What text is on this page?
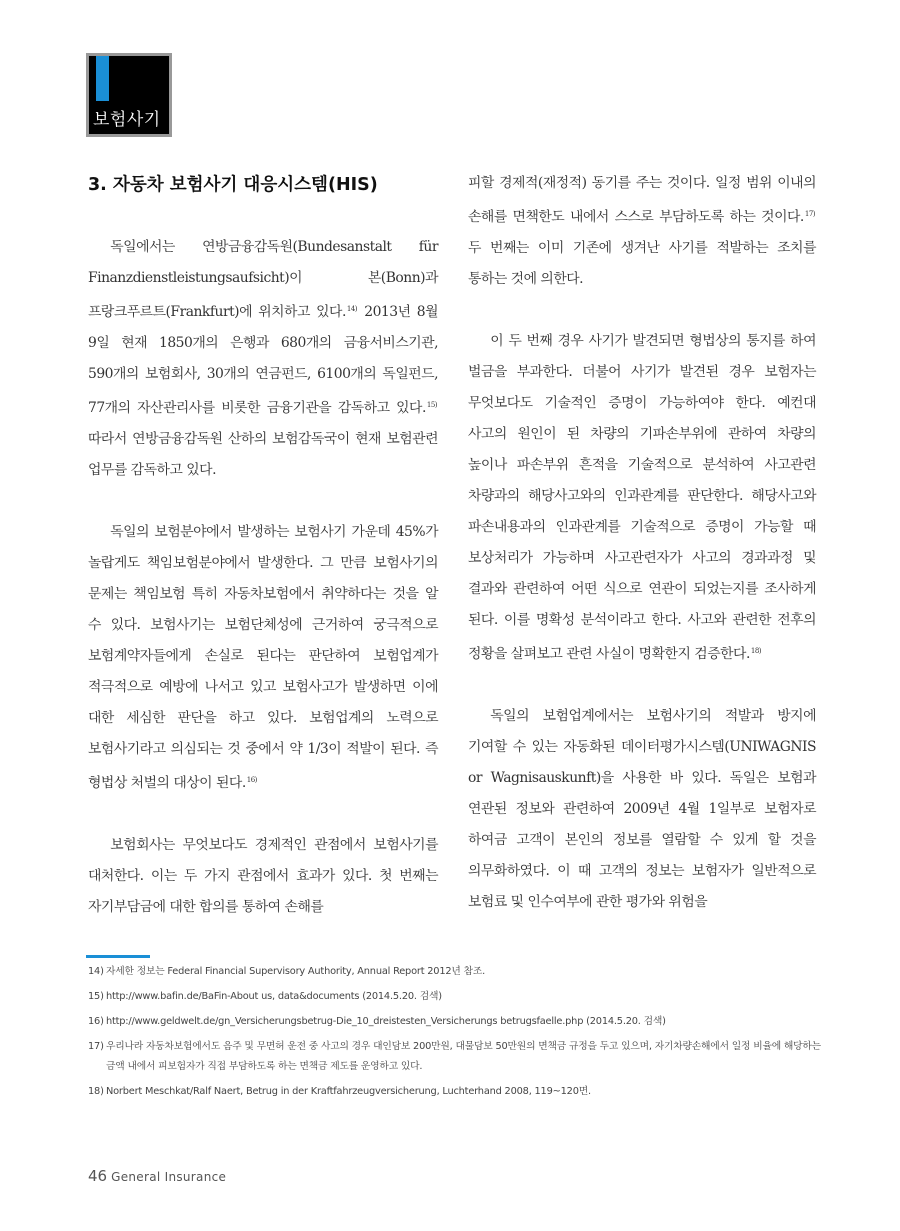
보험사기
3. 자동차 보험사기 대응시스템(HIS)

독일에서는 연방금융감독원(Bundesanstalt für Finanzdienstleistungsaufsicht)이 본(Bonn)과 프랑크푸르트(Frankfurt)에 위치하고 있다.$^{14)}$ 2013년 8월 9일 현재 1850개의 은행과 680개의 금융서비스기관, 590개의 보험회사, 30개의 연금펀드, 6100개의 독일펀드, 77개의 자산관리사를 비롯한 금융기관을 감독하고 있다.$^{15)}$ 따라서 연방금융감독원 산하의 보험감독국이 현재 보험관련 업무를 감독하고 있다.

독일의 보험분야에서 발생하는 보험사기 가운데 45%가 놀랍게도 책임보험분야에서 발생한다. 그 만큼 보험사기의 문제는 책임보험 특히 자동차보험에서 취약하다는 것을 알 수 있다. 보험사기는 보험단체성에 근거하여 궁극적으로 보험계약자들에게 손실로 된다는 판단하여 보험업계가 적극적으로 예방에 나서고 있고 보험사고가 발생하면 이에 대한 세심한 판단을 하고 있다. 보험업계의 노력으로 보험사기라고 의심되는 것 중에서 약 1/3이 적발이 된다. 즉 형법상 처벌의 대상이 된다.$^{16)}$

보험회사는 무엇보다도 경제적인 관점에서 보험사기를 대처한다. 이는 두 가지 관점에서 효과가 있다. 첫 번째는 자기부담금에 대한 합의를 통하여 손해를

피할 경제적(재정적) 동기를 주는 것이다. 일정 범위 이내의 손해를 면책한도 내에서 스스로 부담하도록 하는 것이다.$^{17)}$ 두 번째는 이미 기존에 생겨난 사기를 적발하는 조치를 통하는 것에 의한다.

이 두 번째 경우 사기가 발견되면 형법상의 통지를 하여 벌금을 부과한다. 더불어 사기가 발견된 경우 보험자는 무엇보다도 기술적인 증명이 가능하여야 한다. 예컨대 사고의 원인이 된 차량의 기파손부위에 관하여 차량의 높이나 파손부위 흔적을 기술적으로 분석하여 사고관련 차량과의 해당사고와의 인과관계를 판단한다. 해당사고와 파손내용과의 인과관계를 기술적으로 증명이 가능할 때 보상처리가 가능하며 사고관련자가 사고의 경과과정 및 결과와 관련하여 어떤 식으로 연관이 되었는지를 조사하게 된다. 이를 명확성 분석이라고 한다. 사고와 관련한 전후의 정황을 살펴보고 관련 사실이 명확한지 검증한다.$^{18)}$

독일의 보험업계에서는 보험사기의 적발과 방지에 기여할 수 있는 자동화된 데이터평가시스템(UNIWAGNIS or Wagnisauskunft)을 사용한 바 있다. 독일은 보험과 연관된 정보와 관련하여 2009년 4월 1일부로 보험자로 하여금 고객이 본인의 정보를 열람할 수 있게 할 것을 의무화하였다. 이 때 고객의 정보는 보험자가 일반적으로 보험료 및 인수여부에 관한 평가와 위험을

14) 자세한 정보는 Federal Financial Supervisory Authority, Annual Report 2012년 참조.
15) http://www.bafin.de/BaFin-About us, data&documents (2014.5.20. 검색)
16) http://www.geldwelt.de/gn_Versicherungsbetrug-Die_10_dreistesten_Versicherungs betrugsfaelle.php (2014.5.20. 검색)
17) 우리나라 자동차보험에서도 음주 및 무면허 운전 중 사고의 경우 대인담보 200만원, 대물담보 50만원의 면책금 규정을 두고 있으며, 자기차량손해에서 일정 비율에 해당하는 금액 내에서 피보험자가 직접 부담하도록 하는 면책금 제도를 운영하고 있다.
18) Norbert Meschkat/Ralf Naert, Betrug in der Kraftfahrzeugversicherung, Luchterhand 2008, 119~120면.
46 General Insurance
